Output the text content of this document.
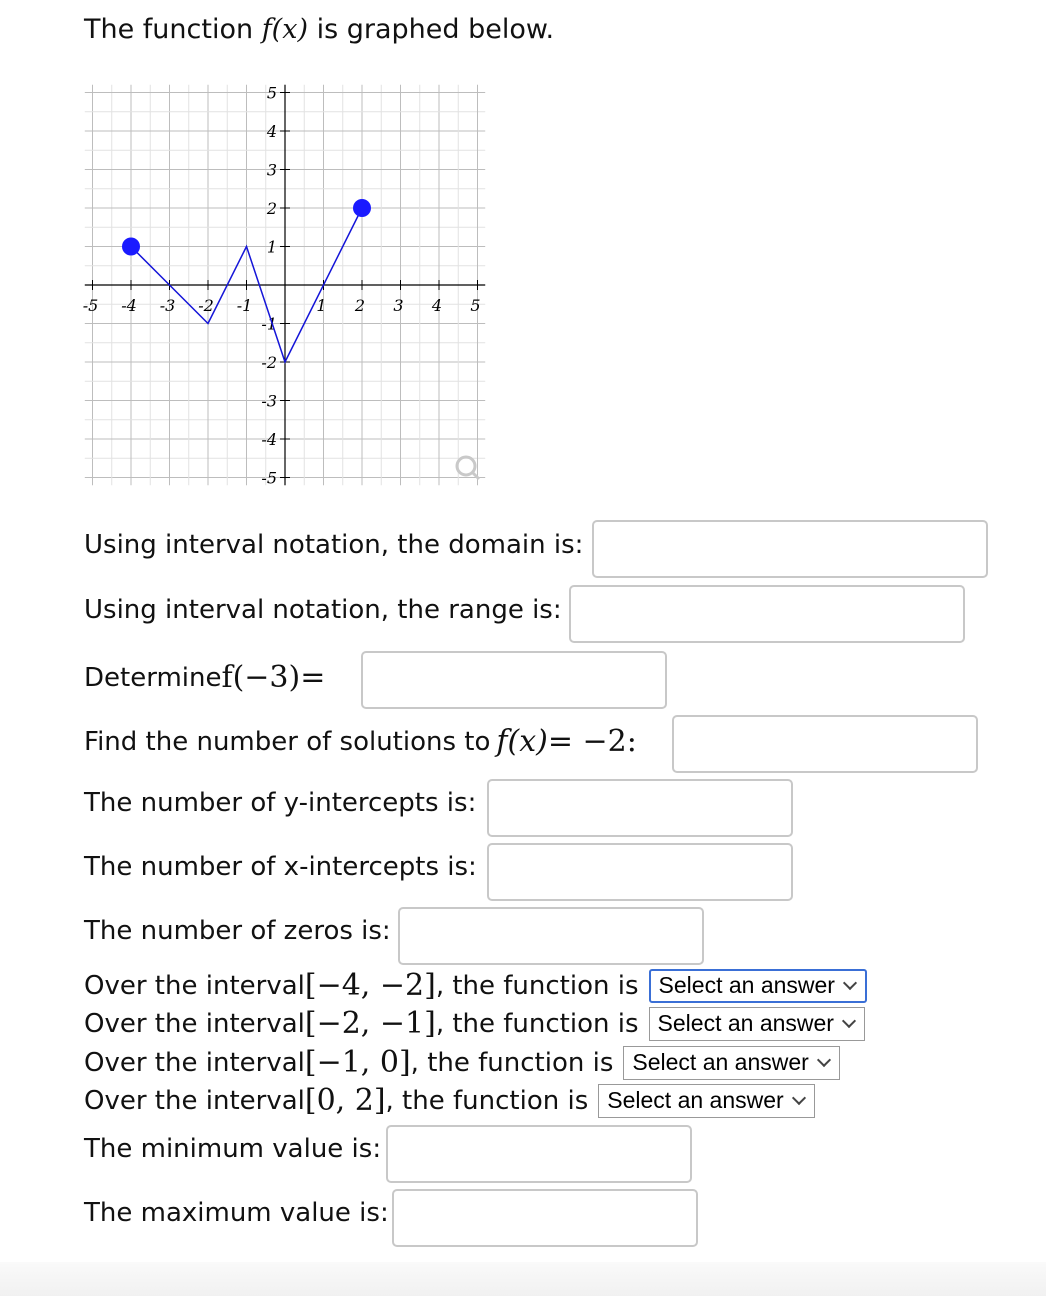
The function f(x) is graphed below.
-5 -4 -3 -2 -1	1 2 3 4 5
5
4
3
2
1
-1
-2
-3
-4
-5
Using interval notation, the domain is:
Using interval notation, the range is:
Determine f(−3) =
Find the number of solutions to f(x) = −2:
The number of y-intercepts is:
The number of x-intercepts is:
The number of zeros is:
Over the interval [−4, −2] , the function is Select an answer
Over the interval [−2, −1] , the function is Select an answer
Over the interval [−1, 0] , the function is Select an answer
Over the interval [0, 2] , the function is Select an answer
The minimum value is:
The maximum value is:
